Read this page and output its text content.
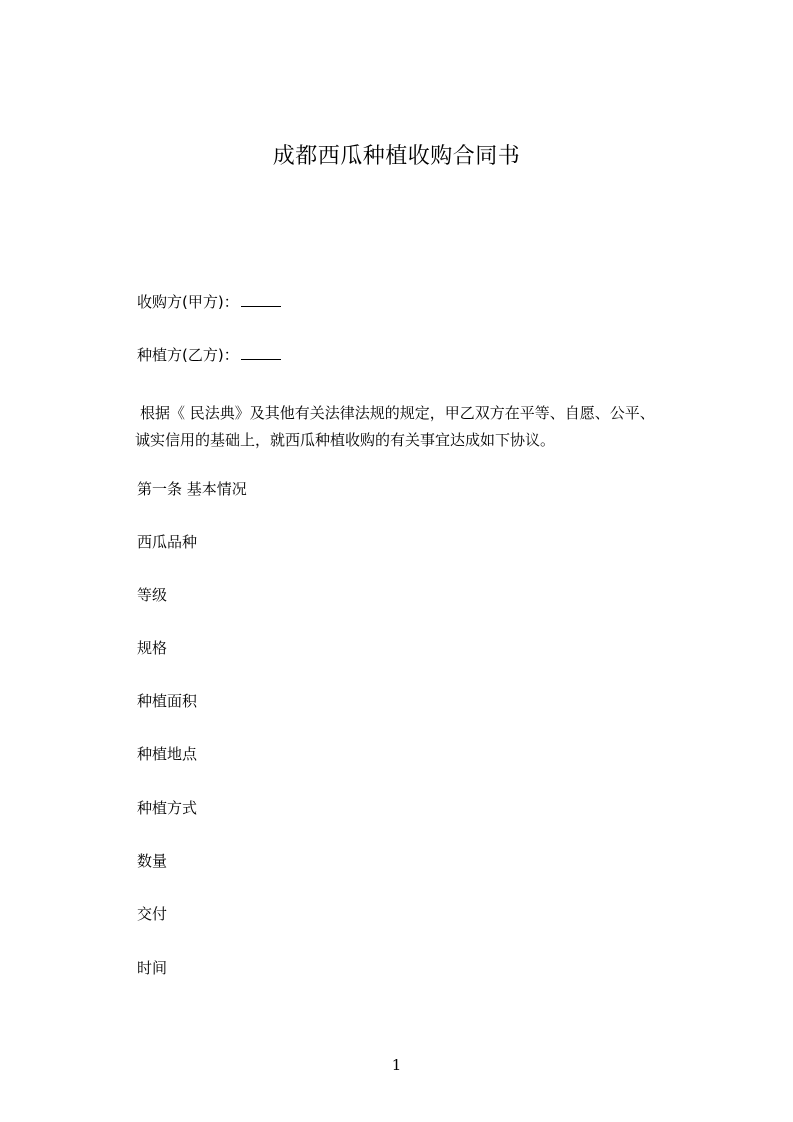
成都西瓜种植收购合同书
收购方(甲方)：
种植方(乙方)：
根据《 民法典》及其他有关法律法规的规定，甲乙双方在平等、自愿、公平、
诚实信用的基础上，就西瓜种植收购的有关事宜达成如下协议。
第一条 基本情况
西瓜品种
等级
规格
种植面积
种植地点
种植方式
数量
交付
时间
1
